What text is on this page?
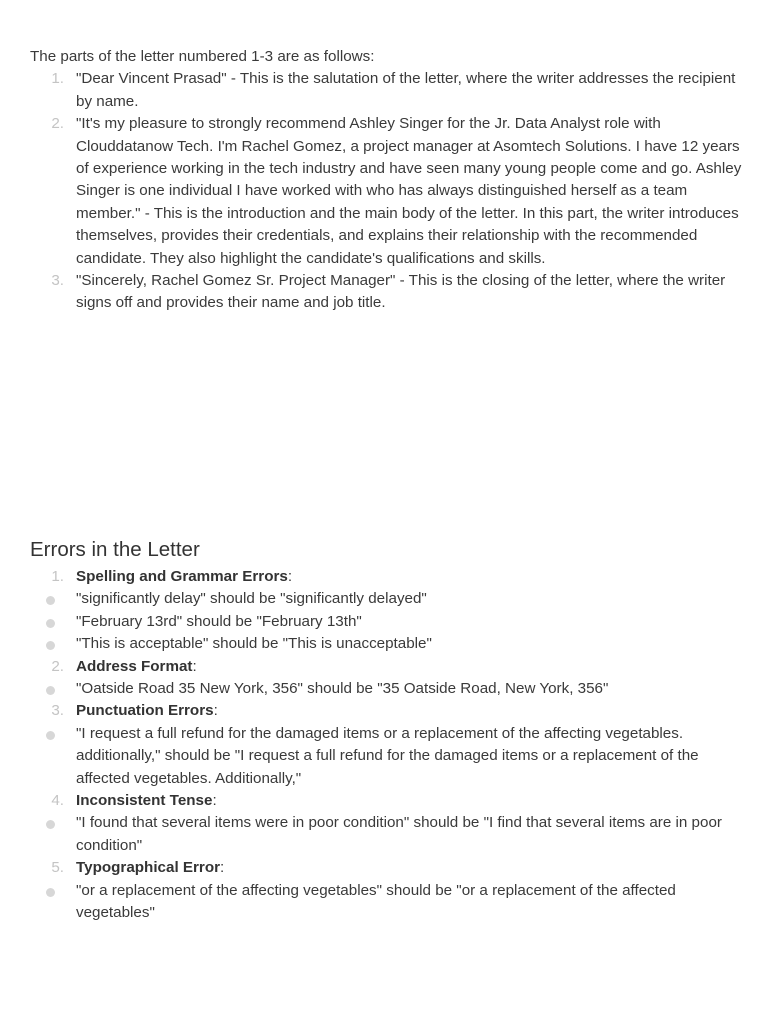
The parts of the letter numbered 1-3 are as follows:

1. "Dear Vincent Prasad" - This is the salutation of the letter, where the writer addresses the recipient by name.
2. "It's my pleasure to strongly recommend Ashley Singer for the Jr. Data Analyst role with Clouddatanow Tech. I'm Rachel Gomez, a project manager at Asomtech Solutions. I have 12 years of experience working in the tech industry and have seen many young people come and go. Ashley Singer is one individual I have worked with who has always distinguished herself as a team member." - This is the introduction and the main body of the letter. In this part, the writer introduces themselves, provides their credentials, and explains their relationship with the recommended candidate. They also highlight the candidate's qualifications and skills.
3. "Sincerely, Rachel Gomez Sr. Project Manager" - This is the closing of the letter, where the writer signs off and provides their name and job title.
Errors in the Letter
1. Spelling and Grammar Errors:
"significantly delay" should be "significantly delayed"
"February 13rd" should be "February 13th"
"This is acceptable" should be "This is unacceptable"
2. Address Format:
"Oatside Road 35 New York, 356" should be "35 Oatside Road, New York, 356"
3. Punctuation Errors:
"I request a full refund for the damaged items or a replacement of the affecting vegetables. additionally," should be "I request a full refund for the damaged items or a replacement of the affected vegetables. Additionally,"
4. Inconsistent Tense:
"I found that several items were in poor condition" should be "I find that several items are in poor condition"
5. Typographical Error:
"or a replacement of the affecting vegetables" should be "or a replacement of the affected vegetables"
